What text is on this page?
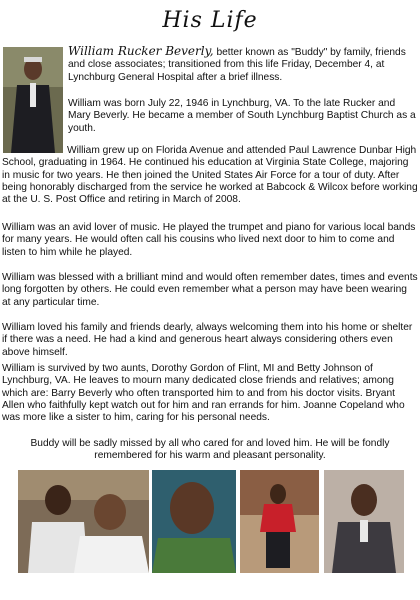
His Life

William Rucker Beverly, better known as "Buddy" by family, friends and close associates; transitioned from this life Friday, December 4, at Lynchburg General Hospital after a brief illness.

William was born July 22, 1946 in Lynchburg, VA. To the late Rucker and Mary Beverly. He became a member of South Lynchburg Baptist Church as a youth.

William grew up on Florida Avenue and attended Paul Lawrence Dunbar High School, graduating in 1964. He continued his education at Virginia State College, majoring in music for two years. He then joined the United States Air Force for a tour of duty. After being honorably discharged from the service he worked at Babcock & Wilcox before working at the U. S. Post Office and retiring in March of 2008.

William was an avid lover of music. He played the trumpet and piano for various local bands for many years. He would often call his cousins who lived next door to him to come and listen to him while he played.

William was blessed with a brilliant mind and would often remember dates, times and events long forgotten by others. He could even remember what a person may have been wearing at any particular time.

William loved his family and friends dearly, always welcoming them into his home or shelter if there was a need. He had a kind and generous heart always considering others even above himself.

William is survived by two aunts, Dorothy Gordon of Flint, MI and Betty Johnson of Lynchburg, VA. He leaves to mourn many dedicated close friends and relatives; among which are: Barry Beverly who often transported him to and from his doctor visits. Bryant Allen who faithfully kept watch out for him and ran errands for him. Joanne Copeland who was more like a sister to him, caring for his personal needs.

Buddy will be sadly missed by all who cared for and loved him. He will be fondly remembered for his warm and pleasant personality.
